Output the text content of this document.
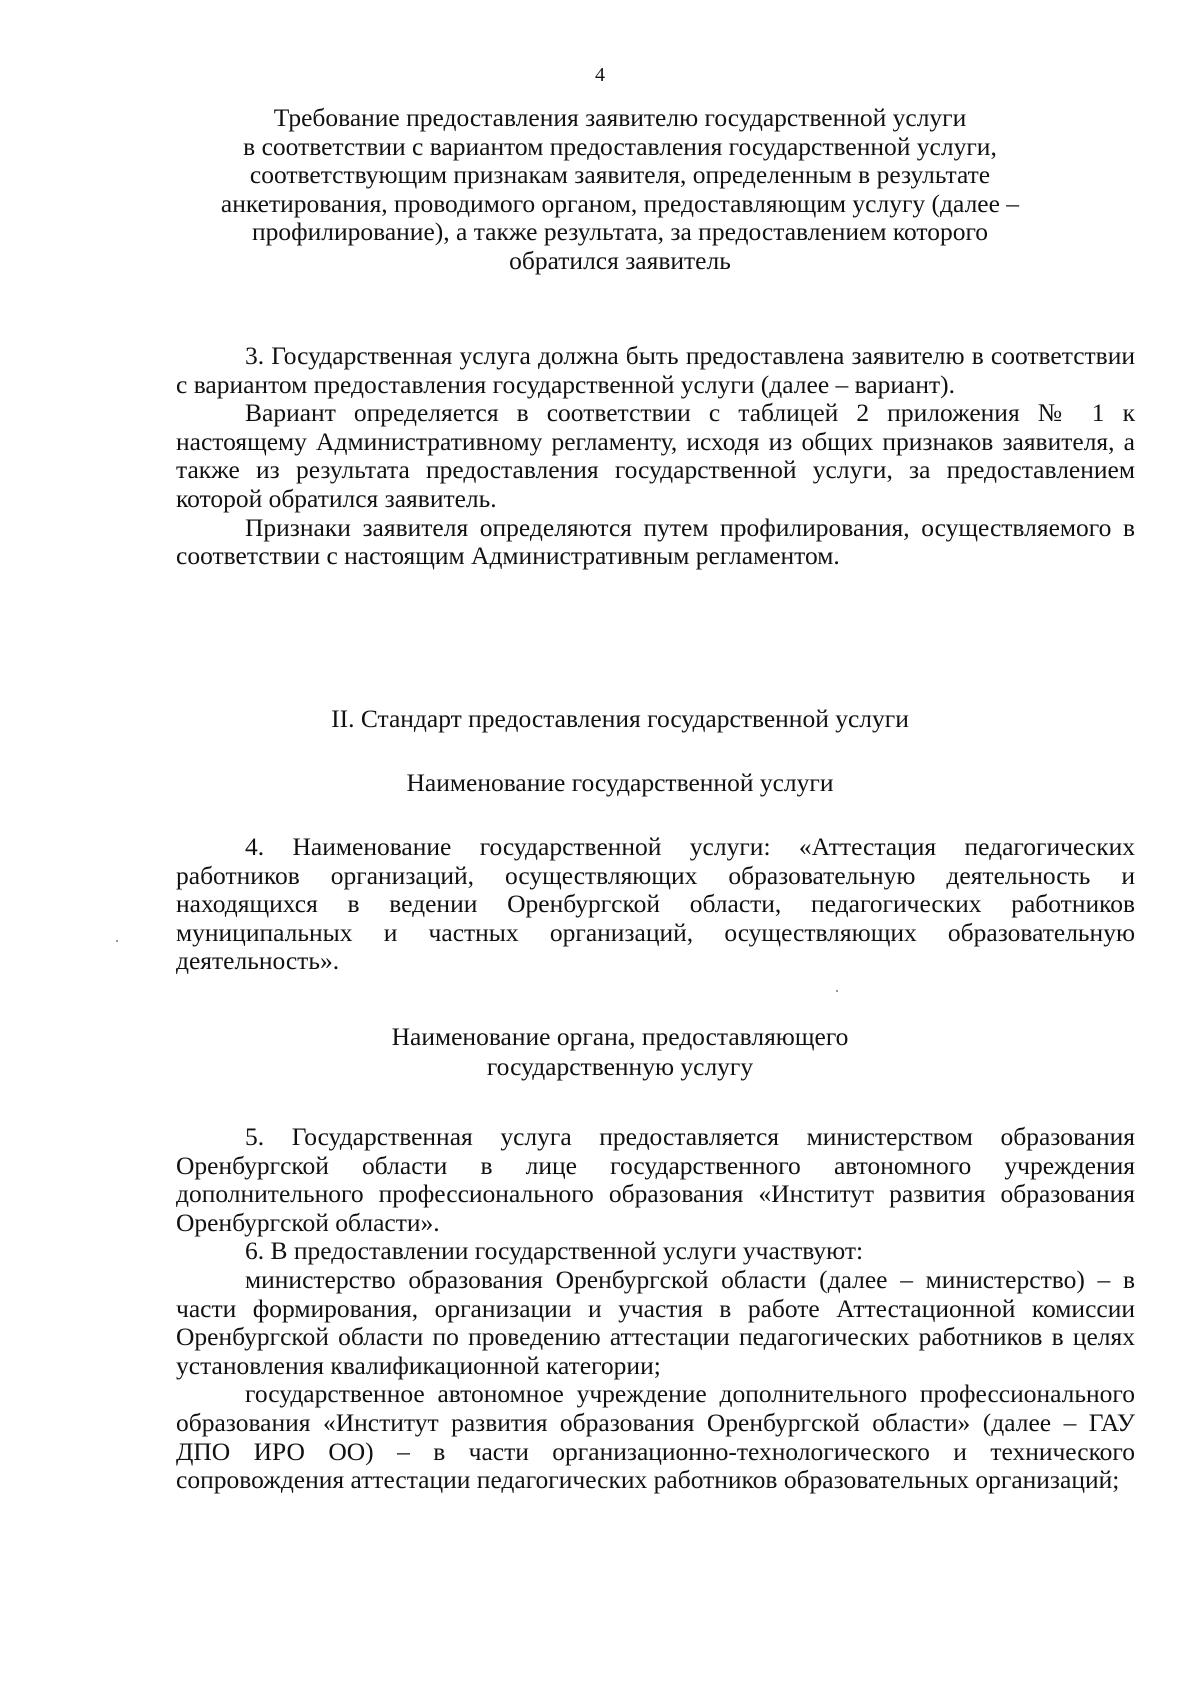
4
Требование предоставления заявителю государственной услуги
в соответствии с вариантом предоставления государственной услуги,
соответствующим признакам заявителя, определенным в результате
анкетирования, проводимого органом, предоставляющим услугу (далее –
профилирование), а также результата, за предоставлением которого
обратился заявитель

3. Государственная услуга должна быть предоставлена заявителю в соответствии с вариантом предоставления государственной услуги (далее – вариант).

Вариант определяется в соответствии с таблицей 2 приложения № 1 к настоящему Административному регламенту, исходя из общих признаков заявителя, а также из результата предоставления государственной услуги, за предоставлением которой обратился заявитель.

Признаки заявителя определяются путем профилирования, осуществляемого в соответствии с настоящим Административным регламентом.

II. Стандарт предоставления государственной услуги
Наименование государственной услуги

4. Наименование государственной услуги: «Аттестация педагогических работников организаций, осуществляющих образовательную деятельность и находящихся в ведении Оренбургской области, педагогических работников муниципальных и частных организаций, осуществляющих образовательную деятельность».

Наименование органа, предоставляющего
государственную услугу

5. Государственная услуга предоставляется министерством образования Оренбургской области в лице государственного автономного учреждения дополнительного профессионального образования «Институт развития образования Оренбургской области».

6. В предоставлении государственной услуги участвуют:

министерство образования Оренбургской области (далее – министерство) – в части формирования, организации и участия в работе Аттестационной комиссии Оренбургской области по проведению аттестации педагогических работников в целях установления квалификационной категории;

государственное автономное учреждение дополнительного профессионального образования «Институт развития образования Оренбургской области» (далее – ГАУ ДПО ИРО ОО) – в части организационно-технологического и технического сопровождения аттестации педагогических работников образовательных организаций;
